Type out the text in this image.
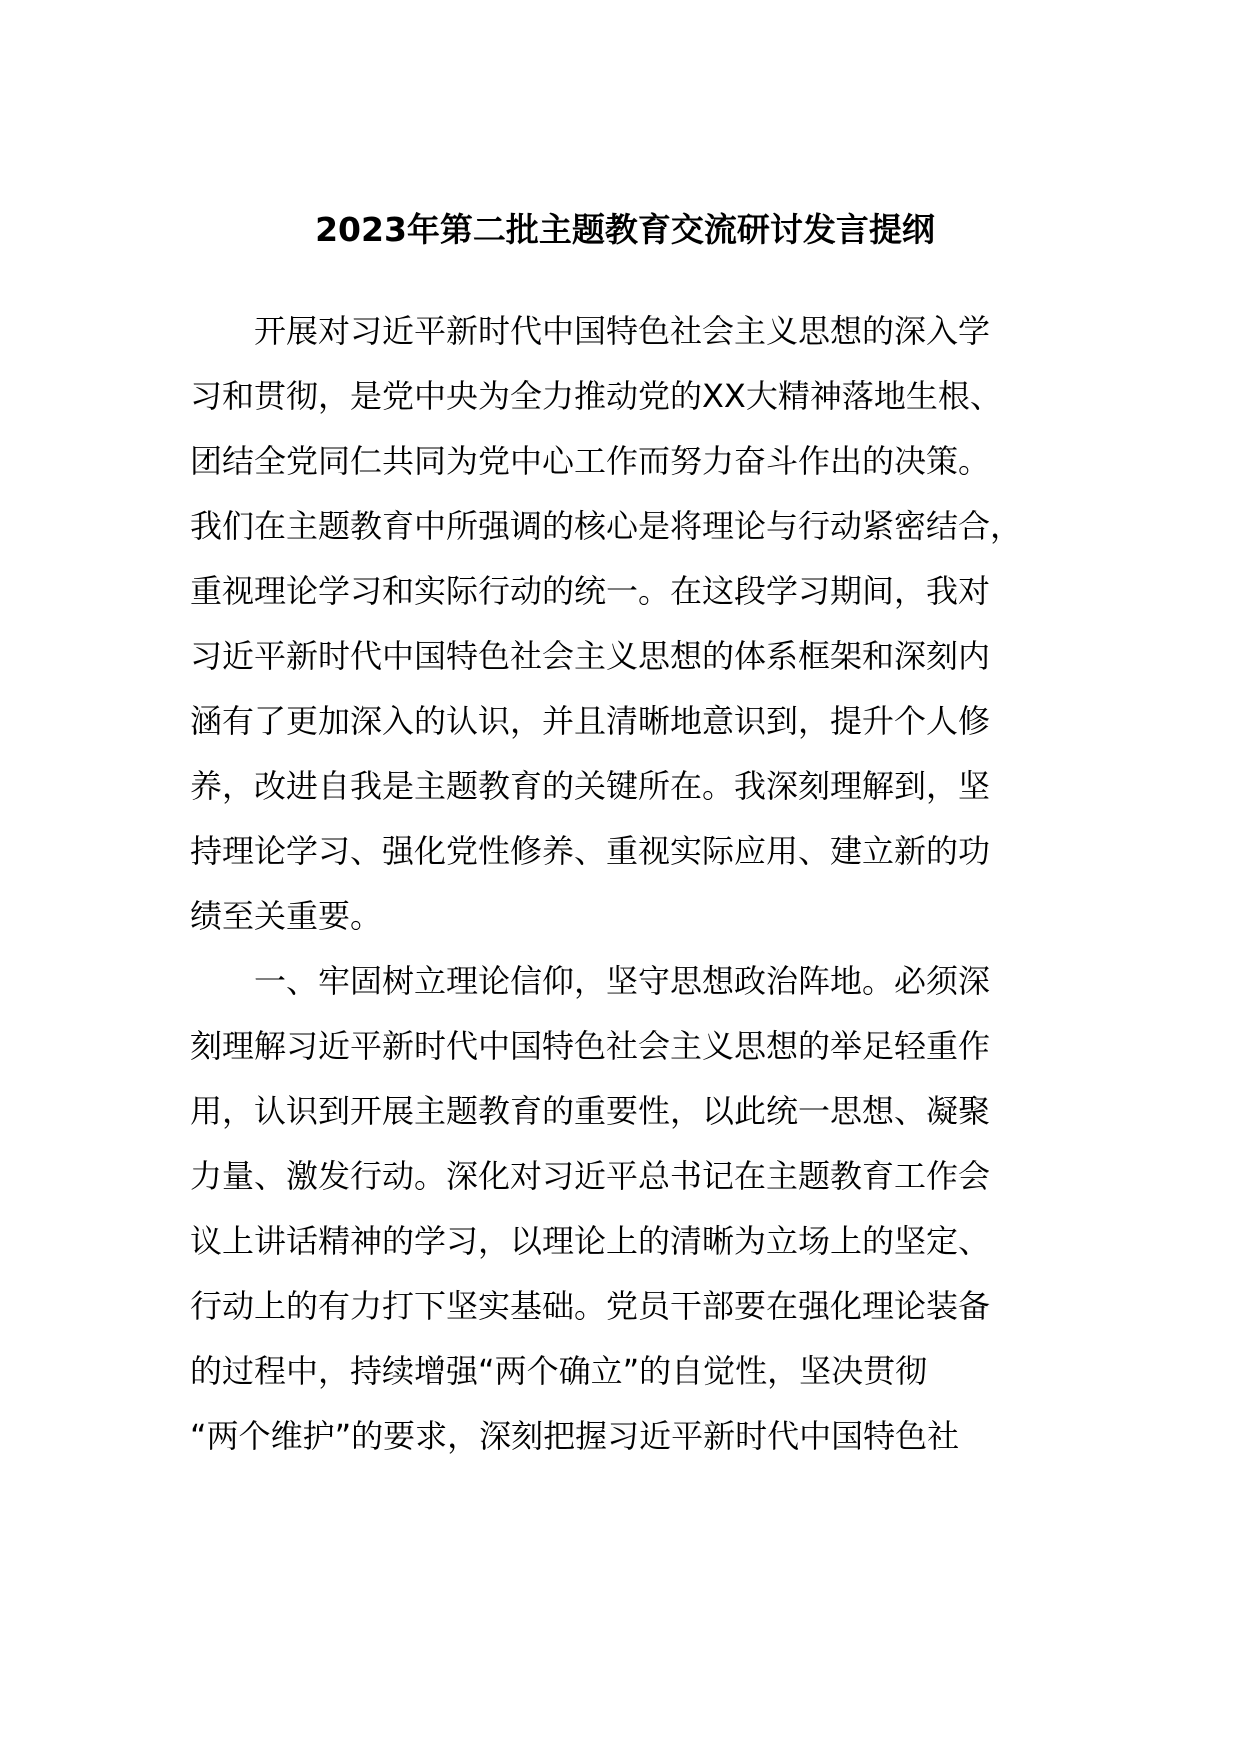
2023年第二批主题教育交流研讨发言提纲
开展对习近平新时代中国特色社会主义思想的深入学
习和贯彻，是党中央为全力推动党的XX大精神落地生根、
团结全党同仁共同为党中心工作而努力奋斗作出的决策。
我们在主题教育中所强调的核心是将理论与行动紧密结合，
重视理论学习和实际行动的统一。在这段学习期间，我对
习近平新时代中国特色社会主义思想的体系框架和深刻内
涵有了更加深入的认识，并且清晰地意识到，提升个人修
养，改进自我是主题教育的关键所在。我深刻理解到，坚
持理论学习、强化党性修养、重视实际应用、建立新的功
绩至关重要。
一、牢固树立理论信仰，坚守思想政治阵地。必须深
刻理解习近平新时代中国特色社会主义思想的举足轻重作
用，认识到开展主题教育的重要性，以此统一思想、凝聚
力量、激发行动。深化对习近平总书记在主题教育工作会
议上讲话精神的学习，以理论上的清晰为立场上的坚定、
行动上的有力打下坚实基础。党员干部要在强化理论装备
的过程中，持续增强“两个确立”的自觉性，坚决贯彻
“两个维护”的要求，深刻把握习近平新时代中国特色社
